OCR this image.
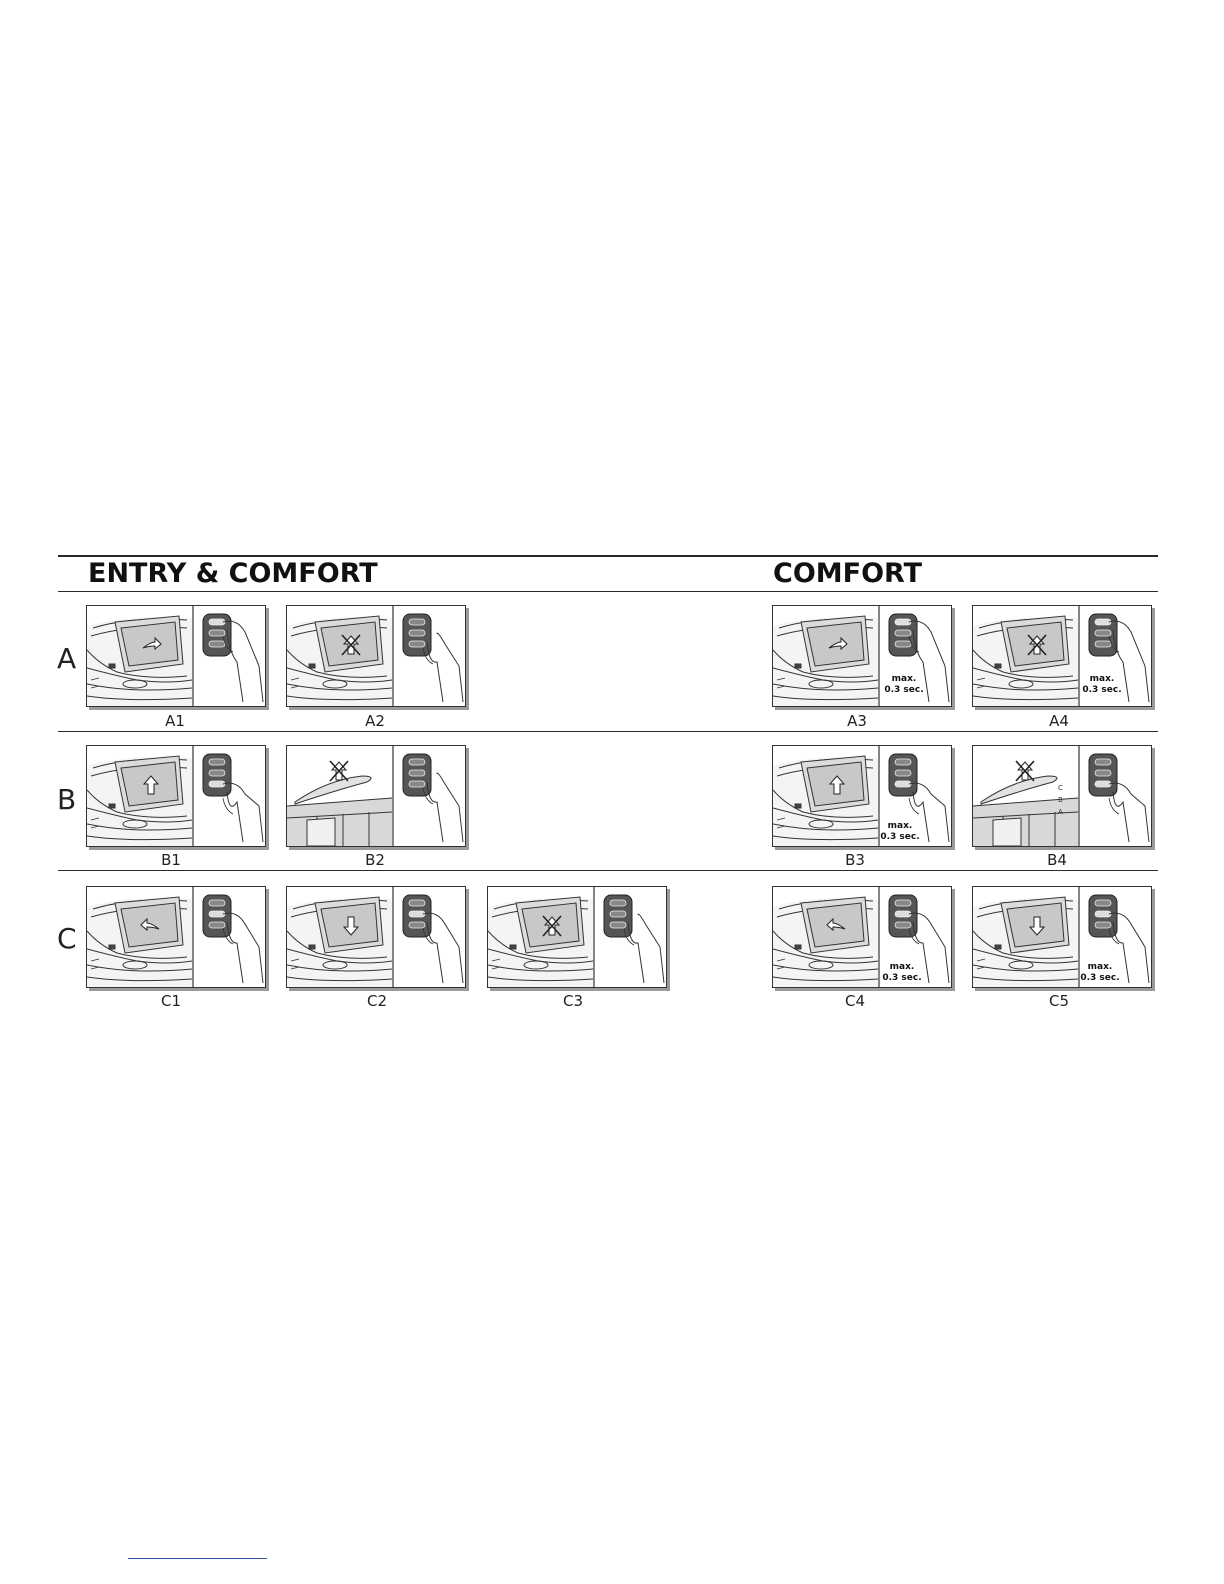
ENTRY & COMFORT	COMFORT
A
B
C
A1	A2
max.
0.3 sec.
A3
max.
0.3 sec.
A4
B1	B2
max.
0.3 sec.
B3
C
B
A
B4
C1	C2	C3
max.
0.3 sec.
C4
max.
0.3 sec.
C5
